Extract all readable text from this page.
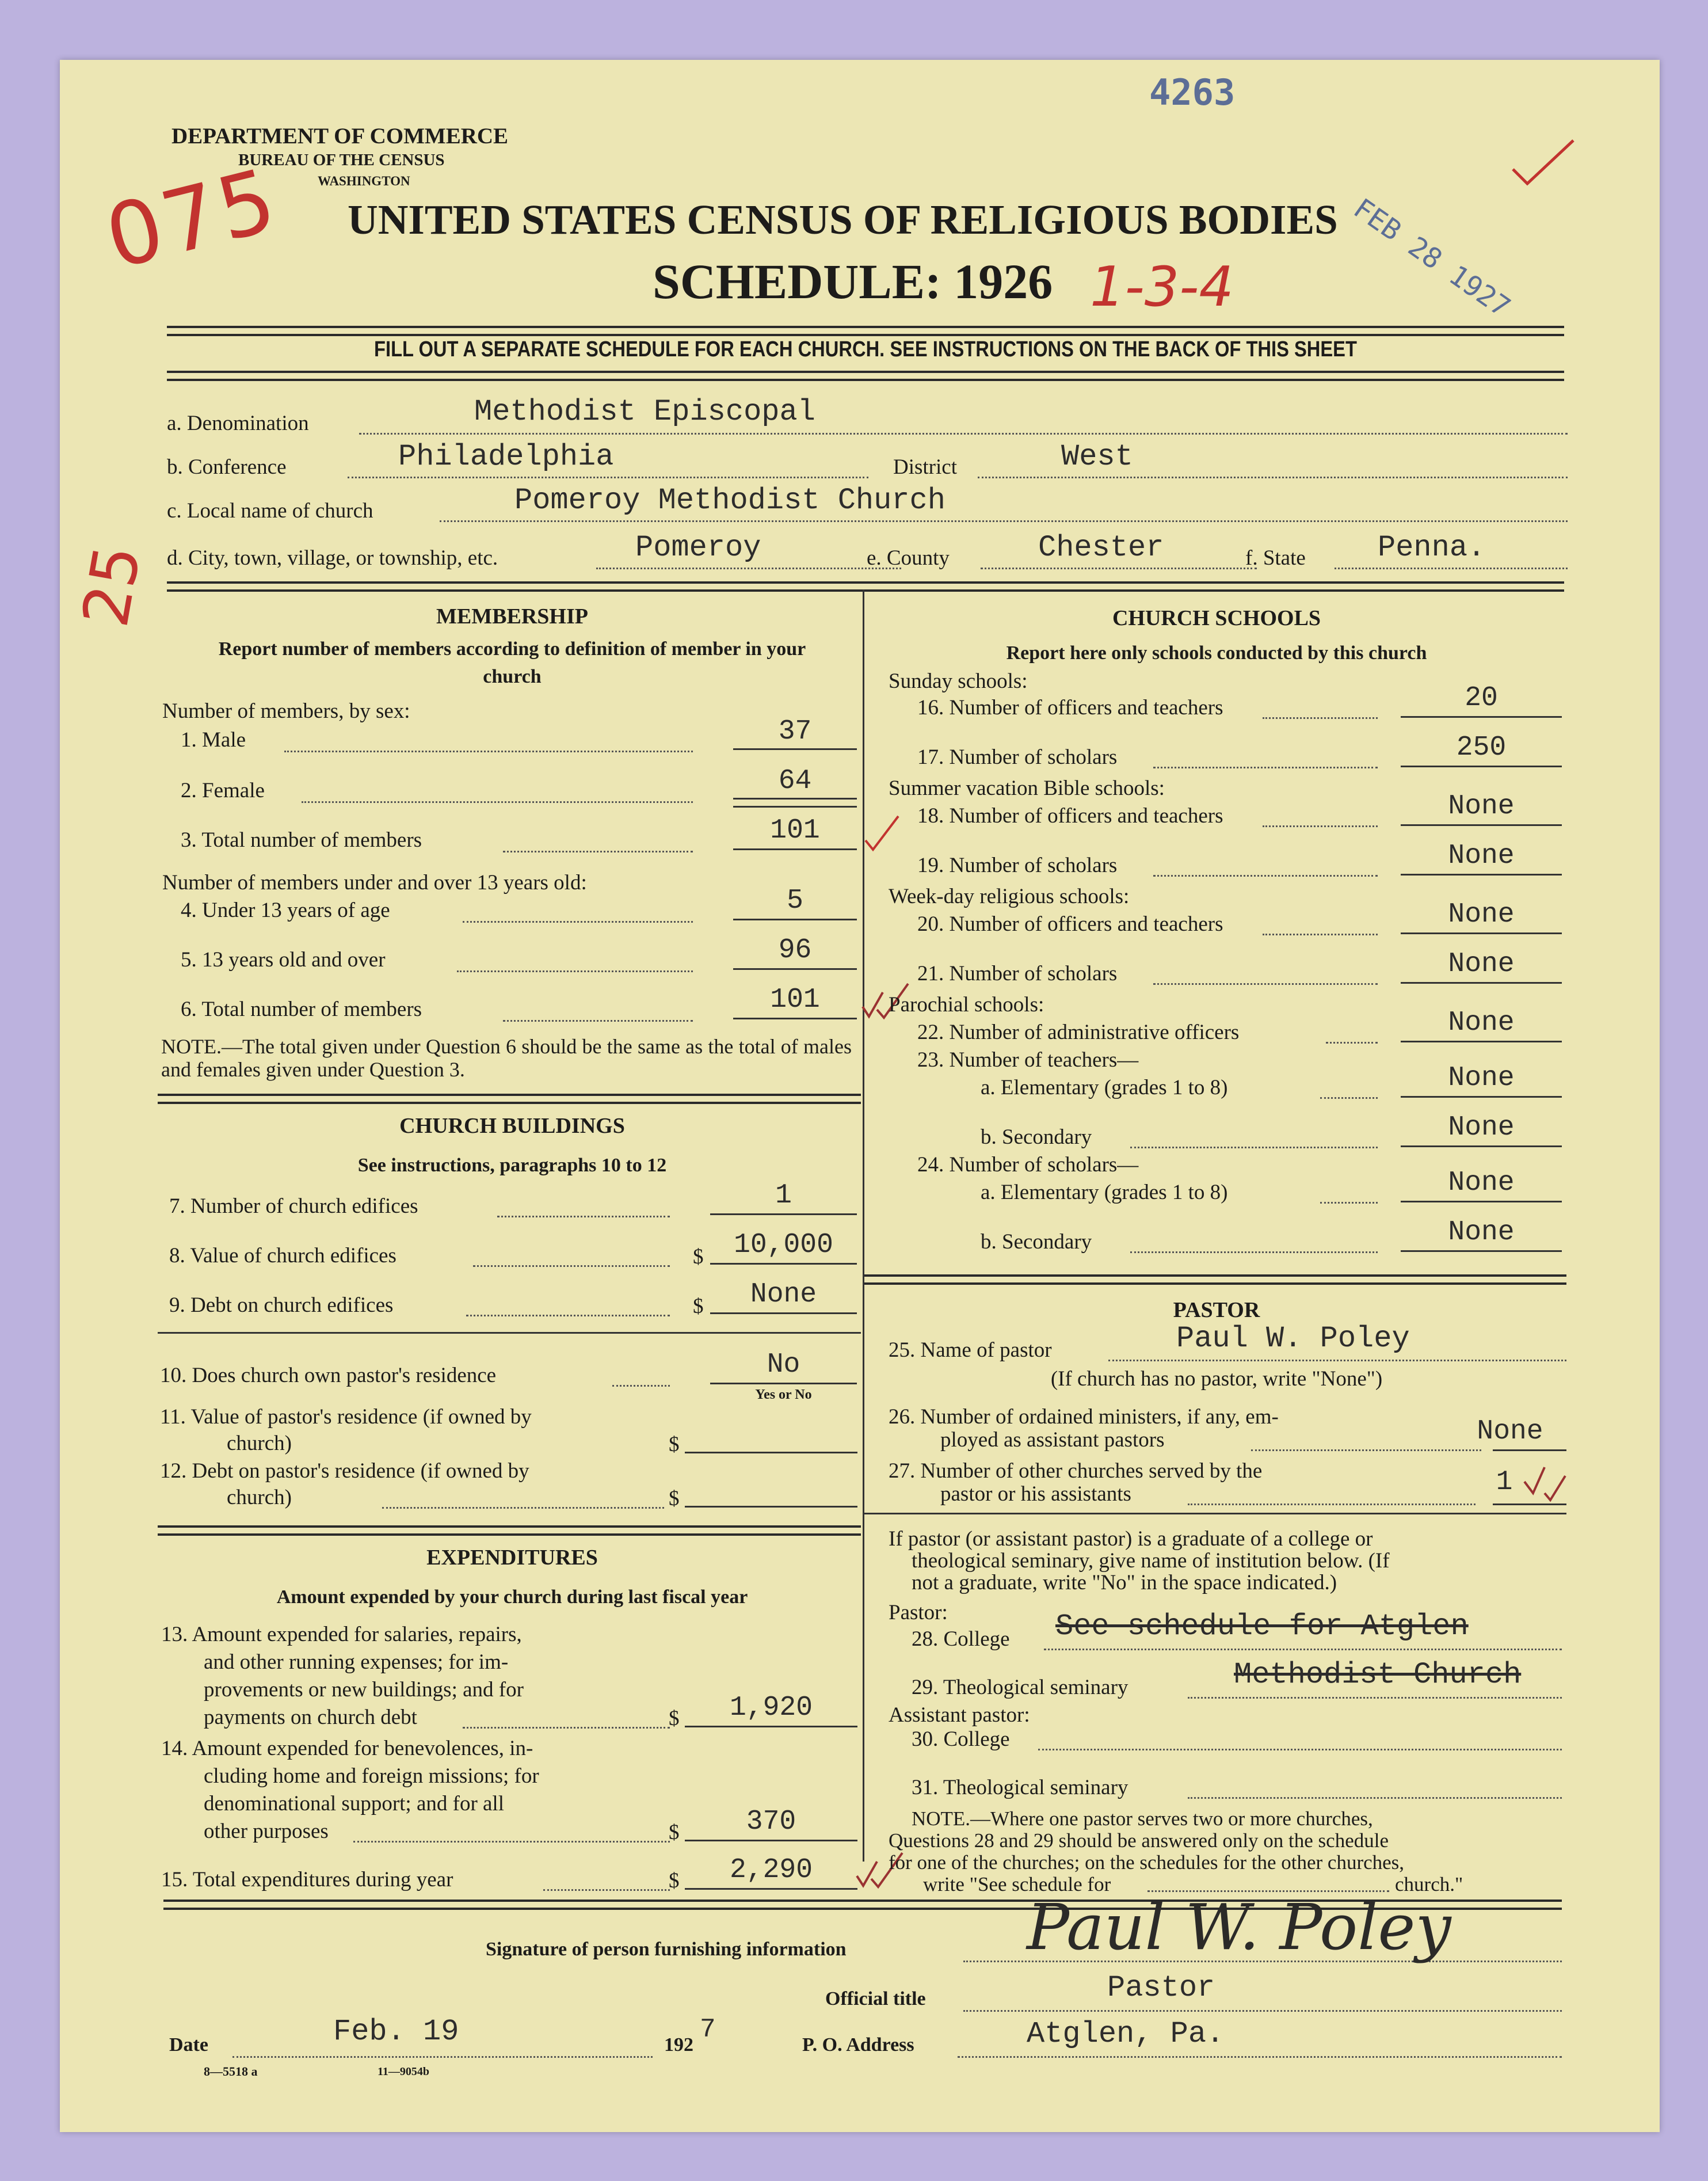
4263
FEB 28 1927
075	1-3-4
25
DEPARTMENT OF COMMERCE
BUREAU OF THE CENSUS
WASHINGTON
UNITED STATES CENSUS OF RELIGIOUS BODIES
SCHEDULE: 1926
FILL OUT A SEPARATE SCHEDULE FOR EACH CHURCH. SEE INSTRUCTIONS ON THE BACK OF THIS SHEET
a. Denomination	Methodist Episcopal
b. Conference	Philadelphia	District	West
c. Local name of church	Pomeroy Methodist Church
d. City, town, village, or township, etc.	Pomeroy	e. County	Chester	f. State Penna.
MEMBERSHIP
Report number of members according to definition of member in your church
Number of members, by sex:
1. Male	37
2. Female	64
3. Total number of members	101
Number of members under and over 13 years old:
4. Under 13 years of age	5
5. 13 years old and over	96
6. Total number of members	101
NOTE.—The total given under Question 6 should be the same as the total of males and females given under Question 3.
CHURCH BUILDINGS
See instructions, paragraphs 10 to 12
7. Number of church edifices	1
8. Value of church edifices	$	10,000
9. Debt on church edifices	$	None
10. Does church own pastor's residence	No
Yes or No
11. Value of pastor's residence (if owned by
church)	$
12. Debt on pastor's residence (if owned by
church)	$
EXPENDITURES
Amount expended by your church during last fiscal year
13. Amount expended for salaries, repairs,
and other running expenses; for im-
provements or new buildings; and for
payments on church debt	$	1,920
14. Amount expended for benevolences, in-
cluding home and foreign missions; for
denominational support; and for all
other purposes	$	370
15. Total expenditures during year	$	2,290
CHURCH SCHOOLS
Report here only schools conducted by this church
Sunday schools:
16. Number of officers and teachers	20
17. Number of scholars	250
Summer vacation Bible schools:
18. Number of officers and teachers	None
19. Number of scholars	None
Week-day religious schools:
20. Number of officers and teachers	None
21. Number of scholars	None
Parochial schools:
22. Number of administrative officers	None
23. Number of teachers—
a. Elementary (grades 1 to 8)	None
b. Secondary	None
24. Number of scholars—
a. Elementary (grades 1 to 8)	None
b. Secondary	None
PASTOR
25. Name of pastor	Paul W. Poley
(If church has no pastor, write "None")
26. Number of ordained ministers, if any, em-
ployed as assistant pastors	None
27. Number of other churches served by the
pastor or his assistants	1
If pastor (or assistant pastor) is a graduate of a college or
theological seminary, give name of institution below. (If
not a graduate, write "No" in the space indicated.)
Pastor:
28. College See schedule for Atglen
29. Theological seminary	Methodist Church
Assistant pastor:
30. College
31. Theological seminary
NOTE.—Where one pastor serves two or more churches,
Questions 28 and 29 should be answered only on the schedule
for one of the churches; on the schedules for the other churches,
write "See schedule for	church."
Signature of person furnishing information	Paul W. Poley
Official title	Pastor
Date	Feb. 19	192
7
P. O. Address	Atglen, Pa.
8—5518 a	11—9054b
